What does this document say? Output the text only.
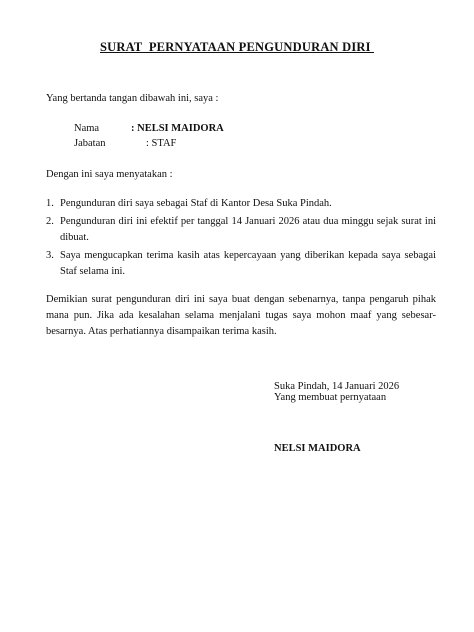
SURAT  PERNYATAAN PENGUNDURAN DIRI
Yang bertanda tangan dibawah ini, saya :
Nama	: NELSI MAIDORA
Jabatan	: STAF
Dengan ini saya menyatakan :
1. Pengunduran diri saya sebagai Staf di Kantor Desa Suka Pindah.
2. Pengunduran diri ini efektif per tanggal 14 Januari 2026 atau dua minggu sejak surat ini dibuat.
3. Saya mengucapkan terima kasih atas kepercayaan yang diberikan kepada saya sebagai Staf selama ini.
Demikian surat pengunduran diri ini saya buat dengan sebenarnya, tanpa pengaruh pihak mana pun. Jika ada kesalahan selama menjalani tugas saya mohon maaf yang sebesar-besarnya. Atas perhatiannya disampaikan terima kasih.
Suka Pindah, 14 Januari 2026
Yang membuat pernyataan
NELSI MAIDORA
